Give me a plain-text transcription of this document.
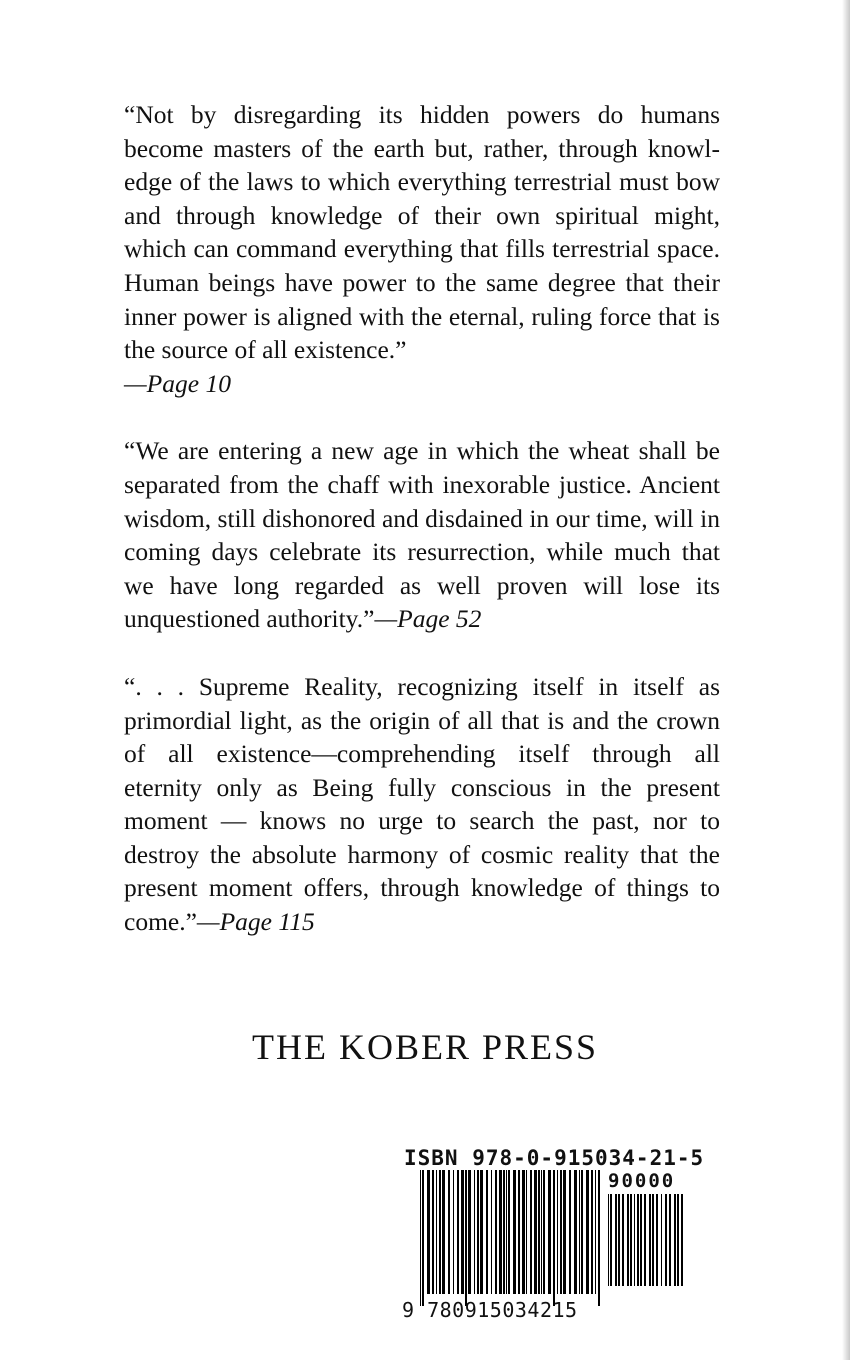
“Not by disregarding its hidden powers do humans become masters of the earth but, rather, through knowledge of the laws to which everything terrestrial must bow and through knowledge of their own spiritual might, which can command everything that fills terrestrial space. Human beings have power to the same degree that their inner power is aligned with the eternal, ruling force that is the source of all existence.”
—Page 10

“We are entering a new age in which the wheat shall be separated from the chaff with inexorable justice. Ancient wisdom, still dishonored and disdained in our time, will in coming days celebrate its resurrection, while much that we have long regarded as well proven will lose its unquestioned authority.”—Page 52

“. . . Supreme Reality, recognizing itself in itself as primordial light, as the origin of all that is and the crown of all existence—comprehending itself through all eternity only as Being fully conscious in the present moment — knows no urge to search the past, nor to destroy the absolute harmony of cosmic reality that the present moment offers, through knowledge of things to come.”—Page 115

THE KOBER PRESS
ISBN 978-0-915034-21-5
90000
9 780915034215
